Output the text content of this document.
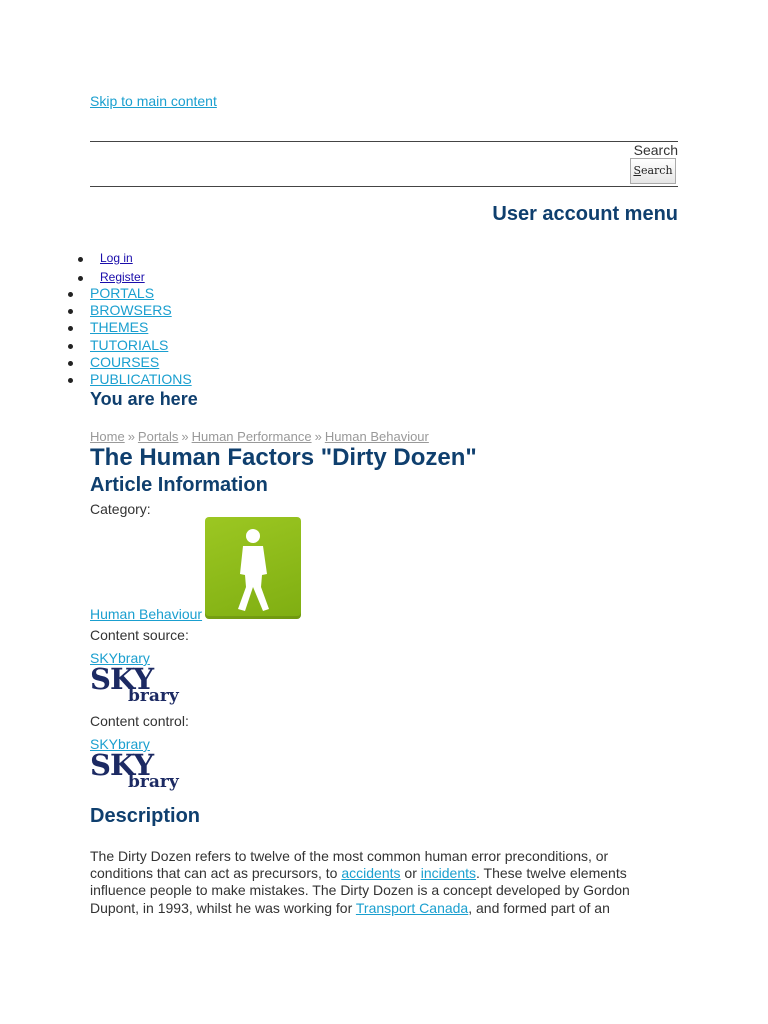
Skip to main content
Search
Search
User account menu
Log in
Register
PORTALS
BROWSERS
THEMES
TUTORIALS
COURSES
PUBLICATIONS
You are here
Home » Portals » Human Performance » Human Behaviour
The Human Factors "Dirty Dozen"
Article Information
Category:
Human Behaviour
Content source:
SKYbrary
SKY
brary
Content control:
SKYbrary
SKY
brary
Description

The Dirty Dozen refers to twelve of the most common human error preconditions, or conditions that can act as precursors, to accidents or incidents. These twelve elements influence people to make mistakes. The Dirty Dozen is a concept developed by Gordon Dupont, in 1993, whilst he was working for Transport Canada, and formed part of an
